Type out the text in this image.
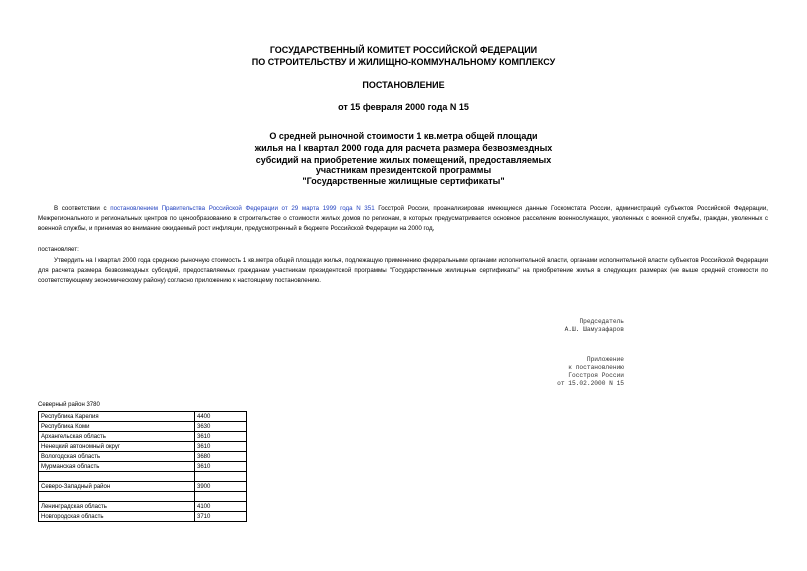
ГОСУДАРСТВЕННЫЙ КОМИТЕТ РОССИЙСКОЙ ФЕДЕРАЦИИ
ПО СТРОИТЕЛЬСТВУ И ЖИЛИЩНО-КОММУНАЛЬНОМУ КОМПЛЕКСУ
ПОСТАНОВЛЕНИЕ
от 15 февраля 2000 года N 15
О средней рыночной стоимости 1 кв.метра общей площади
жилья на I квартал 2000 года для расчета размера безвозмездных
субсидий на приобретение жилых помещений, предоставляемых
участникам президентской программы
"Государственные жилищные сертификаты"
В соответствии с постановлением Правительства Российской Федерации от 29 марта 1999 года N 351 Госстрой России, проанализировав имеющиеся данные Госкомстата России, администраций субъектов Российской Федерации, Межрегионального и региональных центров по ценообразованию в строительстве о стоимости жилых домов по регионам, в которых предусматривается основное расселение военнослужащих, уволенных с военной службы, граждан, уволенных с военной службы, и принимая во внимание ожидаемый рост инфляции, предусмотренный в бюджете Российской Федерации на 2000 год,
постановляет:
Утвердить на I квартал 2000 года среднюю рыночную стоимость 1 кв.метра общей площади жилья, подлежащую применению федеральными органами исполнительной власти, органами исполнительной власти субъектов Российской Федерации для расчета размера безвозмездных субсидий, предоставляемых гражданам участникам президентской программы "Государственные жилищные сертификаты" на приобретение жилья в следующих размерах (не выше средней стоимости по соответствующему экономическому району) согласно приложению к настоящему постановлению.
Председатель
А.Ш. Шамузафаров
Приложение
к постановлению
Госстроя России
от 15.02.2000 N 15
Северный район 3780
Республика Карелия	4400
Республика Коми	3630
Архангельская область	3610
Ненецкий автономный округ	3610
Вологодская область	3680
Мурманская область	3610

Северо-Западный район	3900

Ленинградская область	4100
Новгородская область	3710
